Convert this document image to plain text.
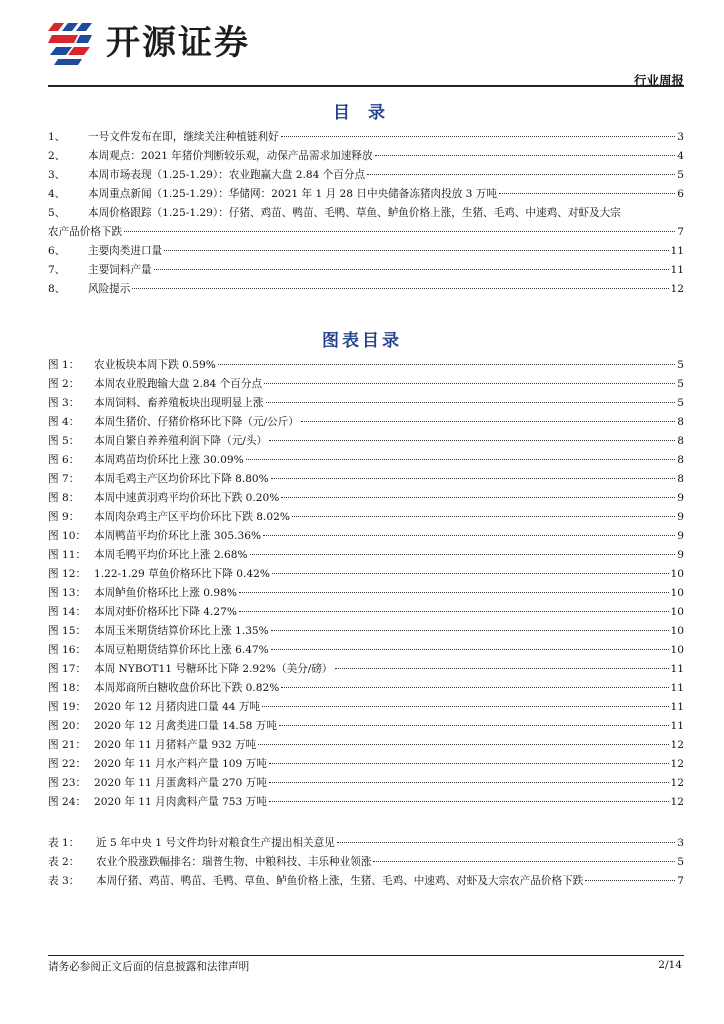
开源证券
行业周报
目 录
1、	一号文件发布在即，继续关注种植链利好	3
2、	本周观点：2021 年猪价判断较乐观，动保产品需求加速释放	4
3、	本周市场表现（1.25-1.29）：农业跑赢大盘 2.84 个百分点	5
4、	本周重点新闻（1.25-1.29）：华储网：2021 年 1 月 28 日中央储备冻猪肉投放 3 万吨	6
5、	本周价格跟踪（1.25-1.29）：仔猪、鸡苗、鸭苗、毛鸭、草鱼、鲈鱼价格上涨，生猪、毛鸡、中速鸡、对虾及大宗
农产品价格下跌	7
6、	主要肉类进口量	11
7、	主要饲料产量	11
8、	风险提示	12
图表目录
图 1：	农业板块本周下跌 0.59%	5
图 2：	本周农业股跑输大盘 2.84 个百分点	5
图 3：	本周饲料、畜养殖板块出现明显上涨	5
图 4：	本周生猪价、仔猪价格环比下降（元/公斤）	8
图 5：	本周自繁自养养殖利润下降（元/头）	8
图 6：	本周鸡苗均价环比上涨 30.09%	8
图 7：	本周毛鸡主产区均价环比下降 8.80%	8
图 8：	本周中速黄羽鸡平均价环比下跌 0.20%	9
图 9：	本周肉杂鸡主产区平均价环比下跌 8.02%	9
图 10： 本周鸭苗平均价环比上涨 305.36%	9
图 11： 本周毛鸭平均价环比上涨 2.68%	9
图 12： 1.22-1.29 草鱼价格环比下降 0.42%	10
图 13： 本周鲈鱼价格环比上涨 0.98%	10
图 14： 本周对虾价格环比下降 4.27%	10
图 15： 本周玉米期货结算价环比上涨 1.35%	10
图 16： 本周豆粕期货结算价环比上涨 6.47%	10
图 17： 本周 NYBOT11 号糖环比下降 2.92%（美分/磅）	11
图 18： 本周郑商所白糖收盘价环比下跌 0.82%	11
图 19： 2020 年 12 月猪肉进口量 44 万吨	11
图 20： 2020 年 12 月禽类进口量 14.58 万吨	11
图 21： 2020 年 11 月猪料产量 932 万吨	12
图 22： 2020 年 11 月水产料产量 109 万吨	12
图 23： 2020 年 11 月蛋禽料产量 270 万吨	12
图 24： 2020 年 11 月肉禽料产量 753 万吨	12
表 1：	近 5 年中央 1 号文件均针对粮食生产提出相关意见	3
表 2：	农业个股涨跌幅排名：瑞普生物、中粮科技、丰乐种业领涨	5
表 3：	本周仔猪、鸡苗、鸭苗、毛鸭、草鱼、鲈鱼价格上涨，生猪、毛鸡、中速鸡、对虾及大宗农产品价格下跌	7
请务必参阅正文后面的信息披露和法律声明	2/14
